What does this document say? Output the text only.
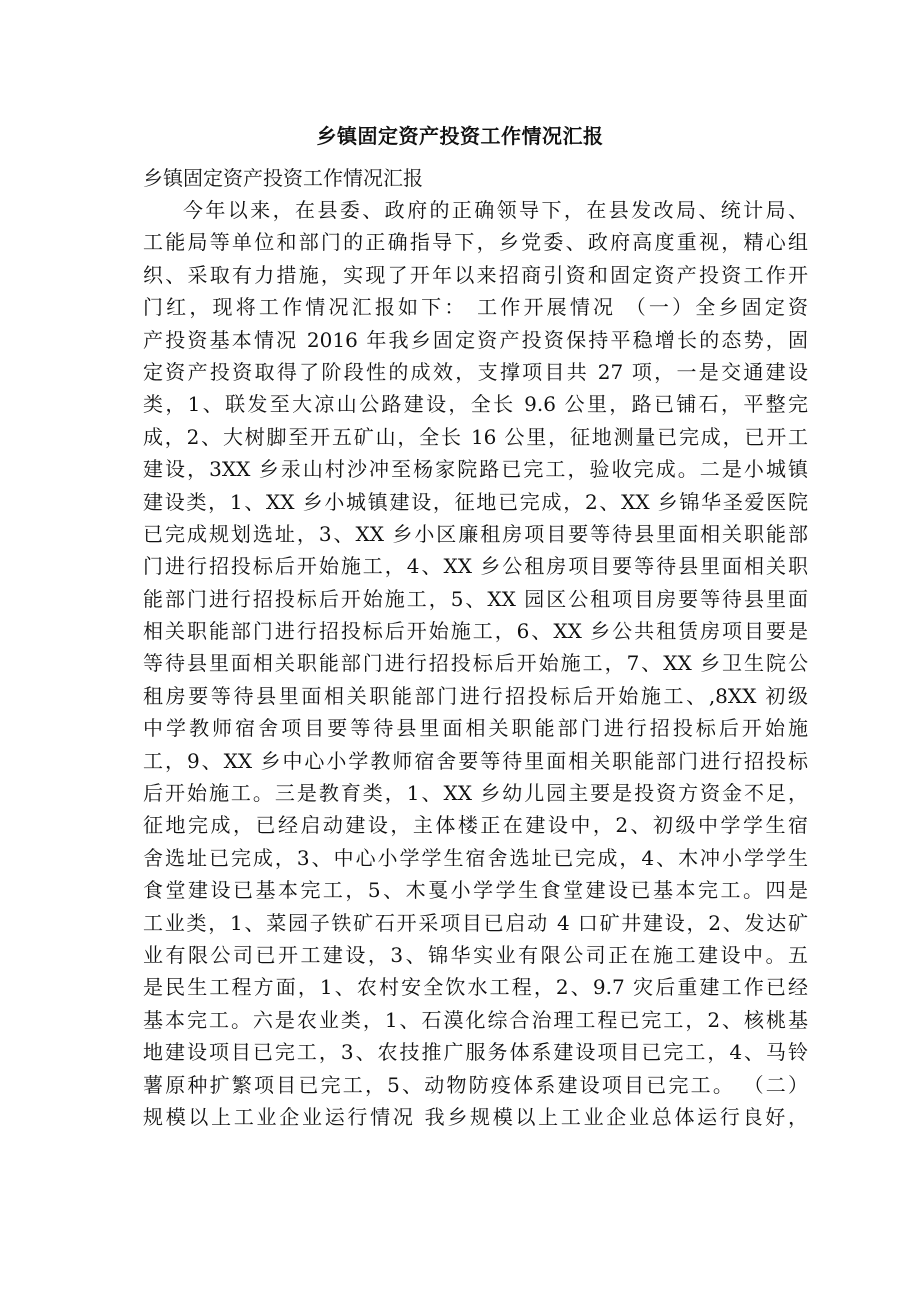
乡镇固定资产投资工作情况汇报
乡镇固定资产投资工作情况汇报
今年以来，在县委、政府的正确领导下，在县发改局、统计局、
工能局等单位和部门的正确指导下，乡党委、政府高度重视，精心组
织、采取有力措施，实现了开年以来招商引资和固定资产投资工作开
门红，现将工作情况汇报如下： 工作开展情况 （一）全乡固定资
产投资基本情况 2016 年我乡固定资产投资保持平稳增长的态势，固
定资产投资取得了阶段性的成效，支撑项目共 27 项，一是交通建设
类，1、联发至大凉山公路建设，全长 9.6 公里，路已铺石，平整完
成，2、大树脚至开五矿山，全长 16 公里，征地测量已完成，已开工
建设，3XX 乡汞山村沙冲至杨家院路已完工，验收完成。二是小城镇
建设类，1、XX 乡小城镇建设，征地已完成，2、XX 乡锦华圣爱医院
已完成规划选址，3、XX 乡小区廉租房项目要等待县里面相关职能部
门进行招投标后开始施工，4、XX 乡公租房项目要等待县里面相关职
能部门进行招投标后开始施工，5、XX 园区公租项目房要等待县里面
相关职能部门进行招投标后开始施工，6、XX 乡公共租赁房项目要是
等待县里面相关职能部门进行招投标后开始施工，7、XX 乡卫生院公
租房要等待县里面相关职能部门进行招投标后开始施工、,8XX 初级
中学教师宿舍项目要等待县里面相关职能部门进行招投标后开始施
工，9、XX 乡中心小学教师宿舍要等待里面相关职能部门进行招投标
后开始施工。三是教育类，1、XX 乡幼儿园主要是投资方资金不足，
征地完成，已经启动建设，主体楼正在建设中，2、初级中学学生宿
舍选址已完成，3、中心小学学生宿舍选址已完成，4、木冲小学学生
食堂建设已基本完工，5、木戛小学学生食堂建设已基本完工。四是
工业类，1、菜园子铁矿石开采项目已启动 4 口矿井建设，2、发达矿
业有限公司已开工建设，3、锦华实业有限公司正在施工建设中。五
是民生工程方面，1、农村安全饮水工程，2、9.7 灾后重建工作已经
基本完工。六是农业类，1、石漠化综合治理工程已完工，2、核桃基
地建设项目已完工，3、农技推广服务体系建设项目已完工，4、马铃
薯原种扩繁项目已完工，5、动物防疫体系建设项目已完工。 （二）
规模以上工业企业运行情况 我乡规模以上工业企业总体运行良好，
